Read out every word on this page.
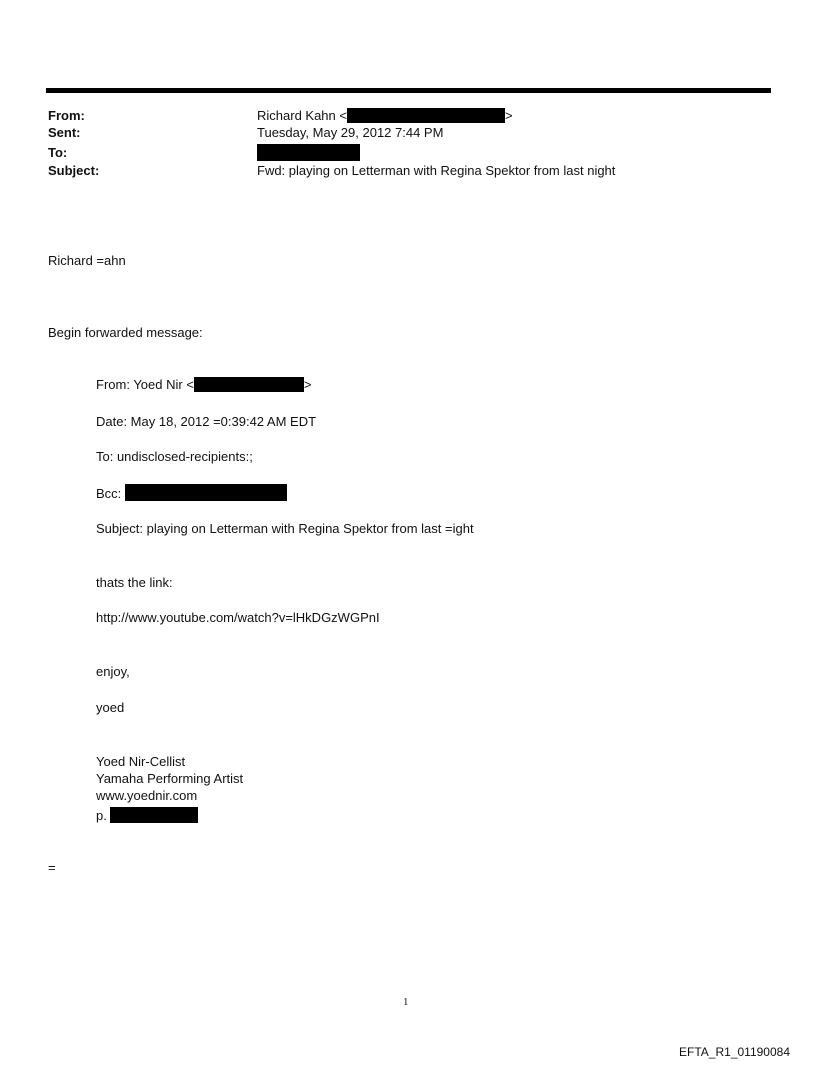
From:
Sent:
To:
Subject:
Richard Kahn <	>
Tuesday, May 29, 2012 7:44 PM
Fwd: playing on Letterman with Regina Spektor from last night
Richard =ahn
Begin forwarded message:
From: Yoed Nir <	>
Date: May 18, 2012 =0:39:42 AM EDT
To: undisclosed-recipients:;
Bcc:
Subject: playing on Letterman with Regina Spektor from last =ight
thats the link:
http://www.youtube.com/watch?v=lHkDGzWGPnI
enjoy,
yoed
Yoed Nir-Cellist
Yamaha Performing Artist
www.yoednir.com
p.
=
1
EFTA_R1_01190084
